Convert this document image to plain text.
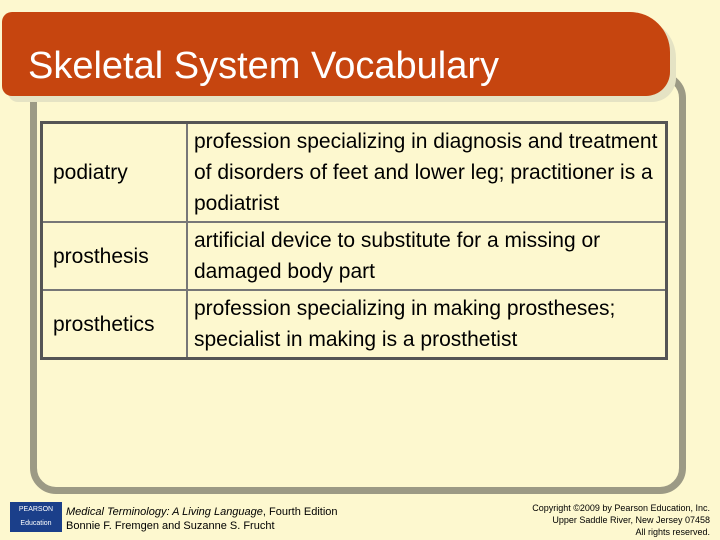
Skeletal System Vocabulary
podiatry	profession specializing in diagnosis and treatment of disorders of feet and lower leg; practitioner is a podiatrist
prosthesis	artificial device to substitute for a missing or damaged body part
prosthetics	profession specializing in making prostheses; specialist in making is a prosthetist
PEARSON
Education
Medical Terminology: A Living Language, Fourth Edition
Bonnie F. Fremgen and Suzanne S. Frucht
Copyright ©2009 by Pearson Education, Inc.
Upper Saddle River, New Jersey 07458
All rights reserved.
